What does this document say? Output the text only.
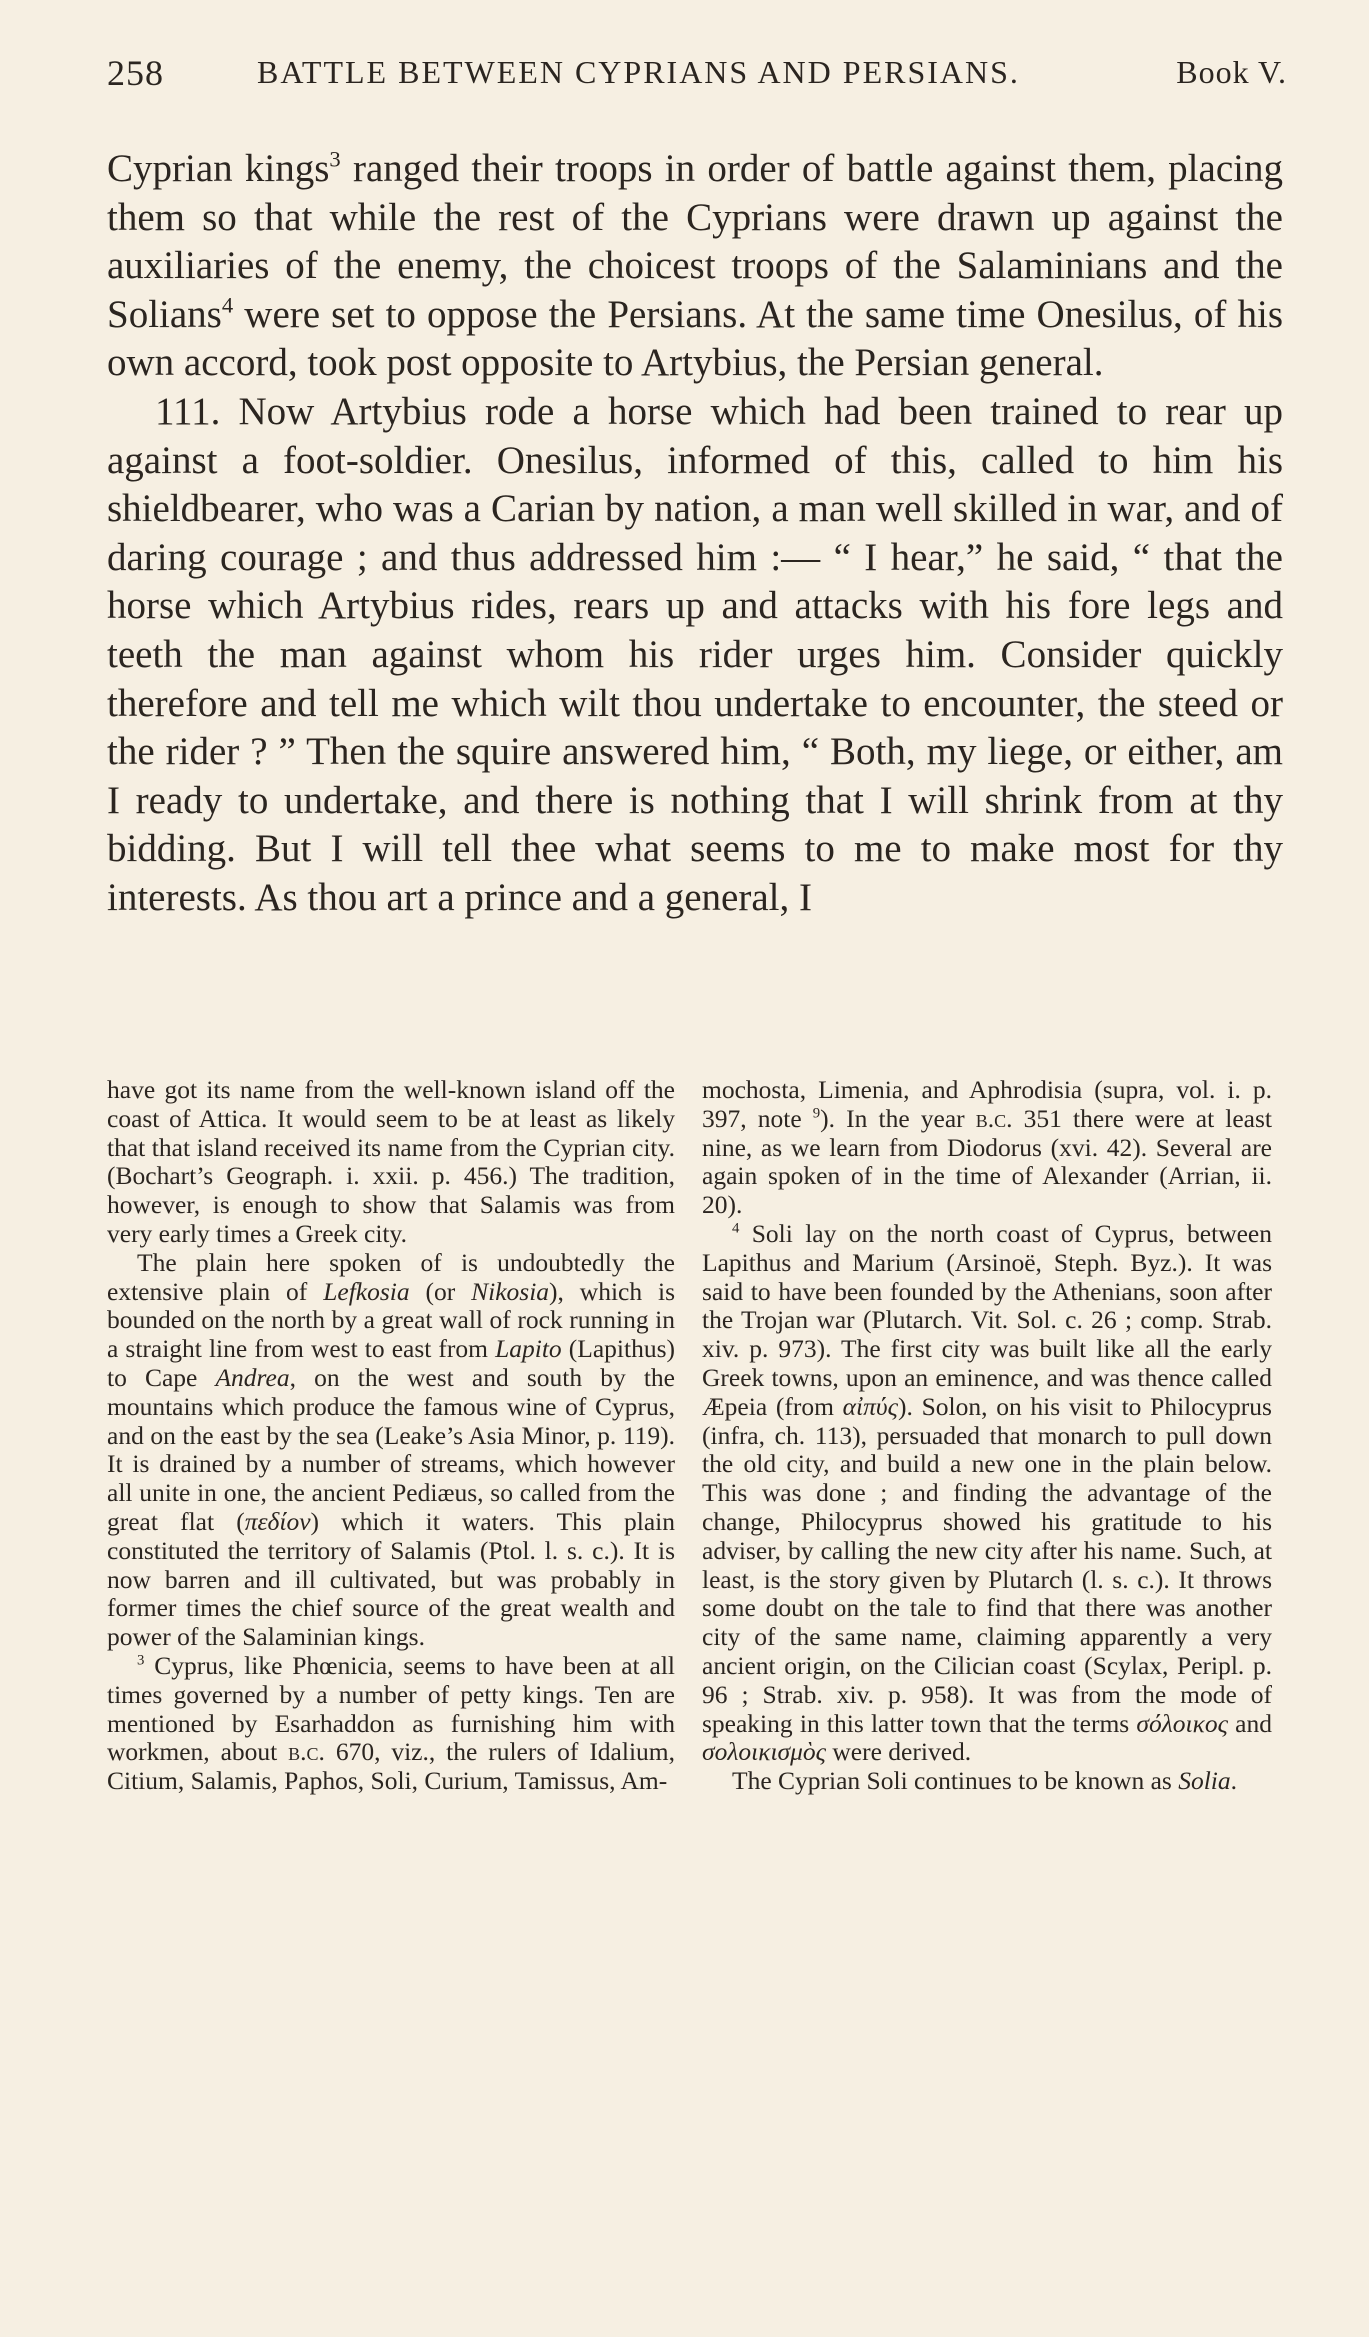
258	BATTLE BETWEEN CYPRIANS AND PERSIANS.	Book V.

Cyprian kings$^3$ ranged their troops in order of battle against them, placing them so that while the rest of the Cyprians were drawn up against the auxiliaries of the enemy, the choicest troops of the Salaminians and the Solians$^4$ were set to oppose the Persians. At the same time Onesilus, of his own accord, took post opposite to Artybius, the Persian general.

111. Now Artybius rode a horse which had been trained to rear up against a foot-soldier. Onesilus, informed of this, called to him his shieldbearer, who was a Carian by nation, a man well skilled in war, and of daring courage ; and thus addressed him :— “ I hear,” he said, “ that the horse which Artybius rides, rears up and attacks with his fore legs and teeth the man against whom his rider urges him. Consider quickly therefore and tell me which wilt thou undertake to encounter, the steed or the rider ? ” Then the squire answered him, “ Both, my liege, or either, am I ready to undertake, and there is nothing that I will shrink from at thy bidding. But I will tell thee what seems to me to make most for thy interests. As thou art a prince and a general, I

have got its name from the well-known island off the coast of Attica. It would seem to be at least as likely that that island received its name from the Cyprian city. (Bochart’s Geograph. i. xxii. p. 456.) The tradition, however, is enough to show that Salamis was from very early times a Greek city.

The plain here spoken of is undoubtedly the extensive plain of Lefkosia (or Nikosia), which is bounded on the north by a great wall of rock running in a straight line from west to east from Lapito (Lapithus) to Cape Andrea, on the west and south by the mountains which produce the famous wine of Cyprus, and on the east by the sea (Leake’s Asia Minor, p. 119). It is drained by a number of streams, which however all unite in one, the ancient Pediæus, so called from the great flat (πεδίον) which it waters. This plain constituted the territory of Salamis (Ptol. l. s. c.). It is now barren and ill cultivated, but was probably in former times the chief source of the great wealth and power of the Salaminian kings.

$^3$ Cyprus, like Phœnicia, seems to have been at all times governed by a number of petty kings. Ten are mentioned by Esarhaddon as furnishing him with workmen, about b.c. 670, viz., the rulers of Idalium, Citium, Salamis, Paphos, Soli, Curium, Tamissus, Am-

mochosta, Limenia, and Aphrodisia (supra, vol. i. p. 397, note $^9$). In the year b.c. 351 there were at least nine, as we learn from Diodorus (xvi. 42). Several are again spoken of in the time of Alexander (Arrian, ii. 20).

$^4$ Soli lay on the north coast of Cyprus, between Lapithus and Marium (Arsinoë, Steph. Byz.). It was said to have been founded by the Athenians, soon after the Trojan war (Plutarch. Vit. Sol. c. 26 ; comp. Strab. xiv. p. 973). The first city was built like all the early Greek towns, upon an eminence, and was thence called Æpeia (from αἰπύς). Solon, on his visit to Philocyprus (infra, ch. 113), persuaded that monarch to pull down the old city, and build a new one in the plain below. This was done ; and finding the advantage of the change, Philocyprus showed his gratitude to his adviser, by calling the new city after his name. Such, at least, is the story given by Plutarch (l. s. c.). It throws some doubt on the tale to find that there was another city of the same name, claiming apparently a very ancient origin, on the Cilician coast (Scylax, Peripl. p. 96 ; Strab. xiv. p. 958). It was from the mode of speaking in this latter town that the terms σόλοικος and σολοικισμὸς were derived.

The Cyprian Soli continues to be known as Solia.
